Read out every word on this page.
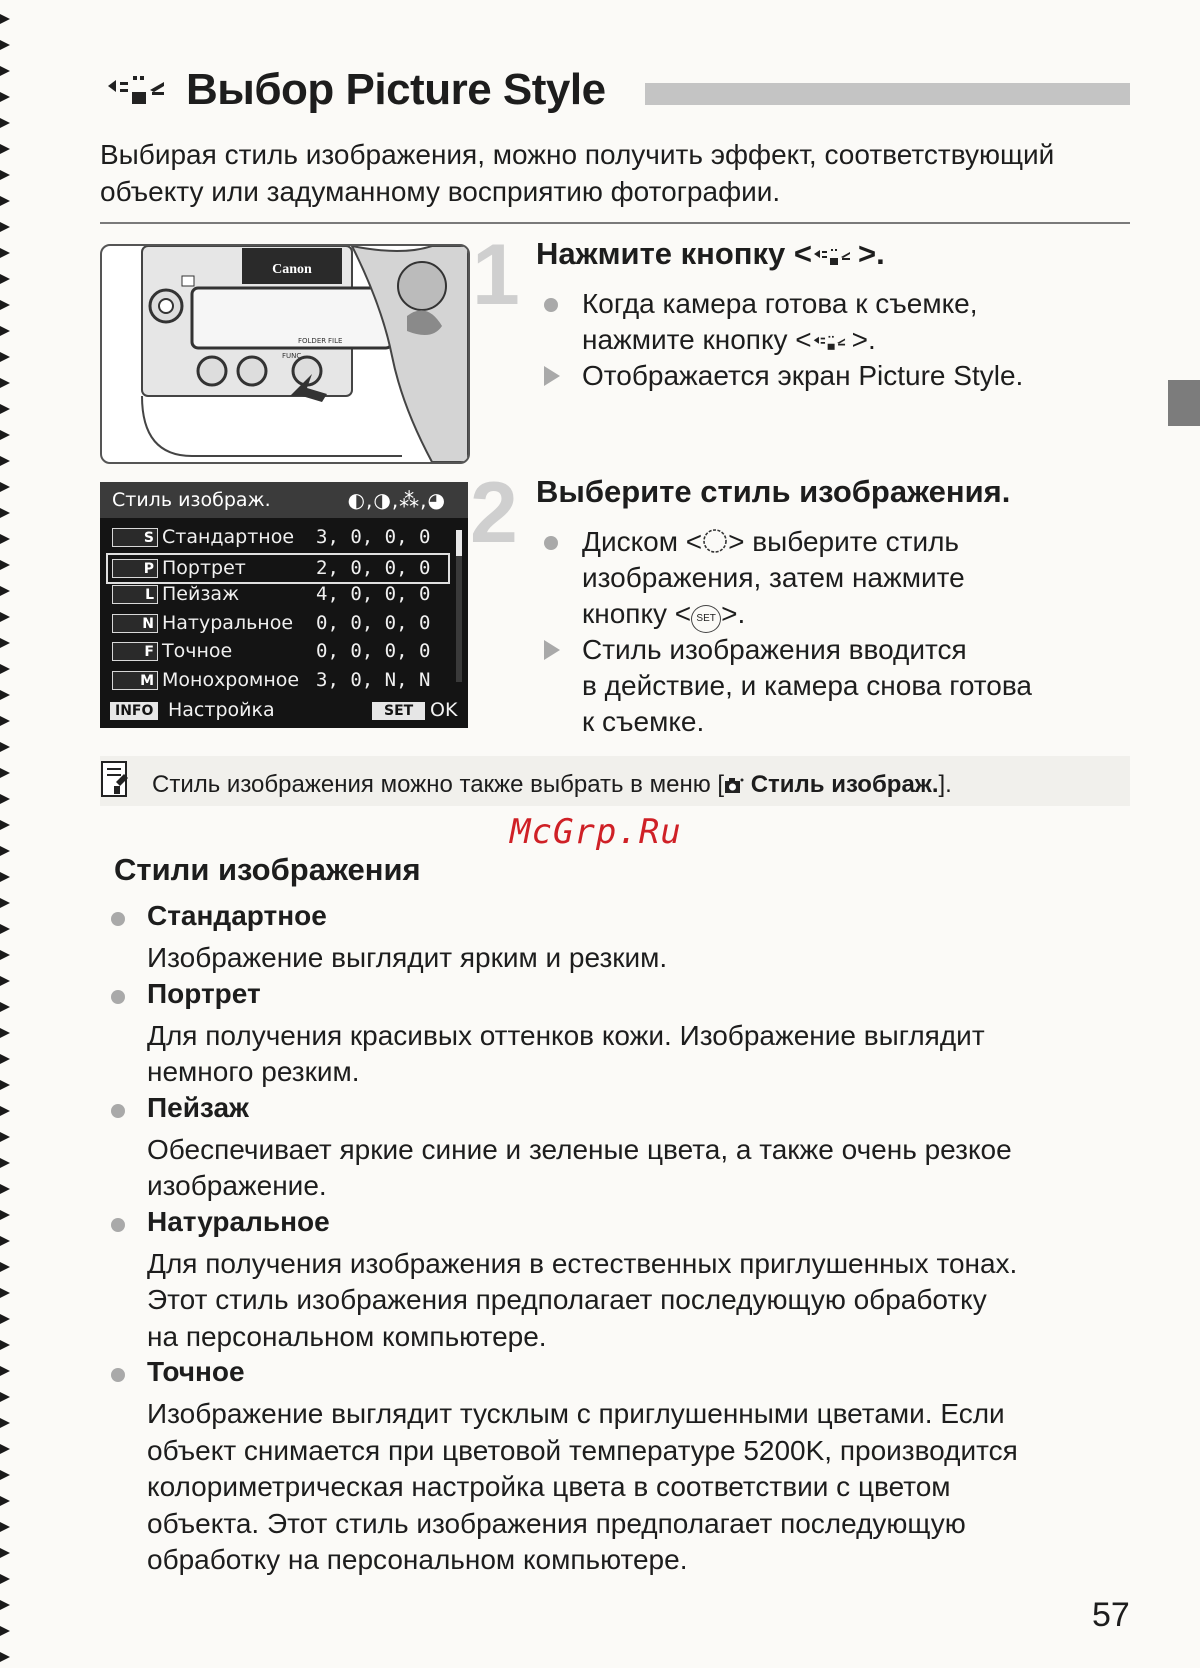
Выбор Picture Style
Выбирая стиль изображения, можно получить эффект, соответствующий объекту или задуманному восприятию фотографии.
Canon
FUNC.
FOLDER FILE
Стиль изображ.	◐,◑,⁂,◕
S Стандартное 3, 0, 0, 0
P Портрет	2, 0, 0, 0
L Пейзаж	4, 0, 0, 0
N Натуральное 0, 0, 0, 0
F Точное	0, 0, 0, 0
M Монохромное 3, 0, N, N
INFO Настройка	SET OK
1 Нажмите кнопку < >.
Когда камера готова к съемке,
нажмите кнопку < >.
Отображается экран Picture Style.
2 Выберите стиль изображения.
Диском < > выберите стиль
изображения, затем нажмите
кнопку < SET >.
Стиль изображения вводится
в действие, и камера снова готова
к съемке.
Стиль изображения можно также выбрать в меню [ Стиль изображ.].
McGrp.Ru
Стили изображения
Стандартное
Изображение выглядит ярким и резким.
Портрет
Для получения красивых оттенков кожи. Изображение выглядит
немного резким.
Пейзаж
Обеспечивает яркие синие и зеленые цвета, а также очень резкое
изображение.
Натуральное
Для получения изображения в естественных приглушенных тонах.
Этот стиль изображения предполагает последующую обработку
на персональном компьютере.
Точное
Изображение выглядит тусклым с приглушенными цветами. Если
объект снимается при цветовой температуре 5200K, производится
колориметрическая настройка цвета в соответствии с цветом
объекта. Этот стиль изображения предполагает последующую
обработку на персональном компьютере.
57
